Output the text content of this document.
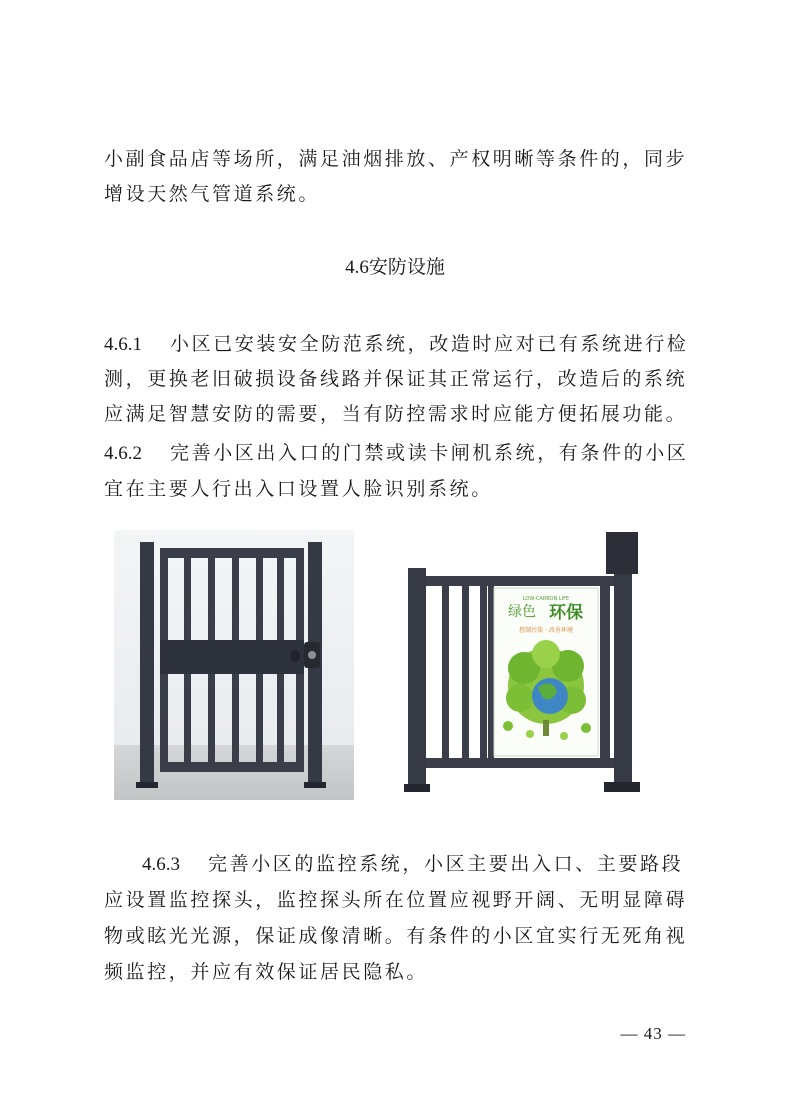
小副食品店等场所，满足油烟排放、产权明晰等条件的，同步

增设天然气管道系统。

4.6安防设施

4.6.1 小区已安装安全防范系统，改造时应对已有系统进行检

测，更换老旧破损设备线路并保证其正常运行，改造后的系统

应满足智慧安防的需要，当有防控需求时应能方便拓展功能。

4.6.2 完善小区出入口的门禁或读卡闸机系统，有条件的小区

宜在主要人行出入口设置人脸识别系统。

LOW-CARBON LIFE
绿色 环保
控制污染 · 改善环境

4.6.3 完善小区的监控系统，小区主要出入口、主要路段

应设置监控探头，监控探头所在位置应视野开阔、无明显障碍

物或眩光光源，保证成像清晰。有条件的小区宜实行无死角视

频监控，并应有效保证居民隐私。

— 43 —
